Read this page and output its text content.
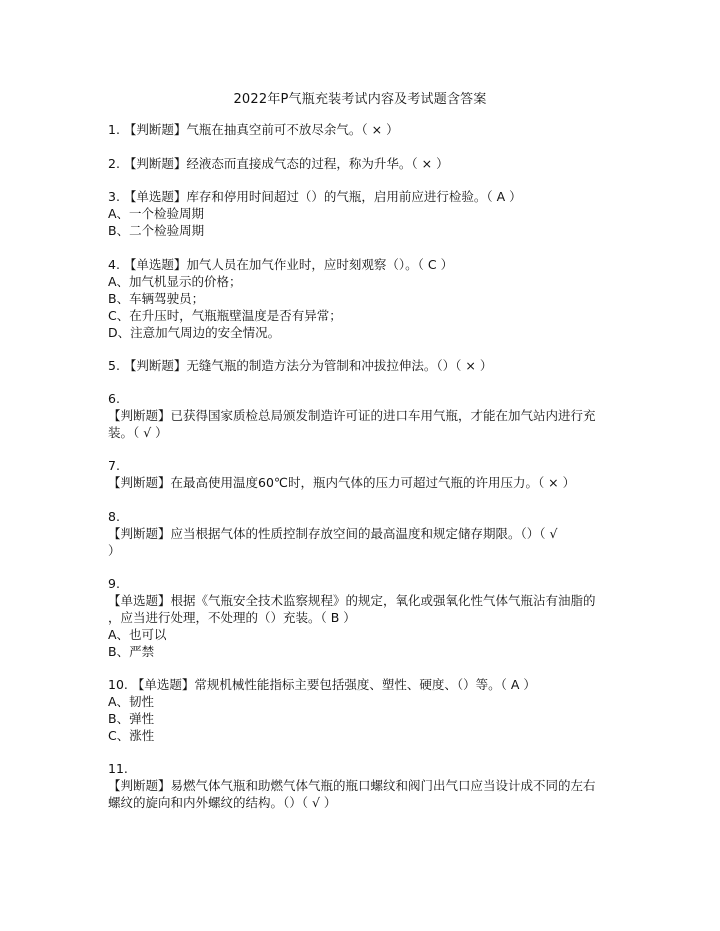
2022年P气瓶充装考试内容及考试题含答案
1. 【判断题】气瓶在抽真空前可不放尽余气。（ × ）
2. 【判断题】经液态而直接成气态的过程，称为升华。（ × ）
3. 【单选题】库存和停用时间超过（）的气瓶，启用前应进行检验。（ A ）
A、一个检验周期
B、二个检验周期
4. 【单选题】加气人员在加气作业时，应时刻观察（）。（ C ）
A、加气机显示的价格；
B、车辆驾驶员；
C、在升压时，气瓶瓶壁温度是否有异常；
D、注意加气周边的安全情况。
5. 【判断题】无缝气瓶的制造方法分为管制和冲拔拉伸法。（）（ × ）
6.
【判断题】已获得国家质检总局颁发制造许可证的进口车用气瓶，才能在加气站内进行充
装。（ √ ）
7.
【判断题】在最高使用温度60℃时，瓶内气体的压力可超过气瓶的许用压力。（ × ）
8.
【判断题】应当根据气体的性质控制存放空间的最高温度和规定储存期限。（）（ √
）
9.
【单选题】根据《气瓶安全技术监察规程》的规定，氧化或强氧化性气体气瓶沾有油脂的
，应当进行处理，不处理的（）充装。（ B ）
A、也可以
B、严禁
10. 【单选题】常规机械性能指标主要包括强度、塑性、硬度、（）等。（ A ）
A、韧性
B、弹性
C、涨性
11.
【判断题】易燃气体气瓶和助燃气体气瓶的瓶口螺纹和阀门出气口应当设计成不同的左右
螺纹的旋向和内外螺纹的结构。（）（ √ ）
